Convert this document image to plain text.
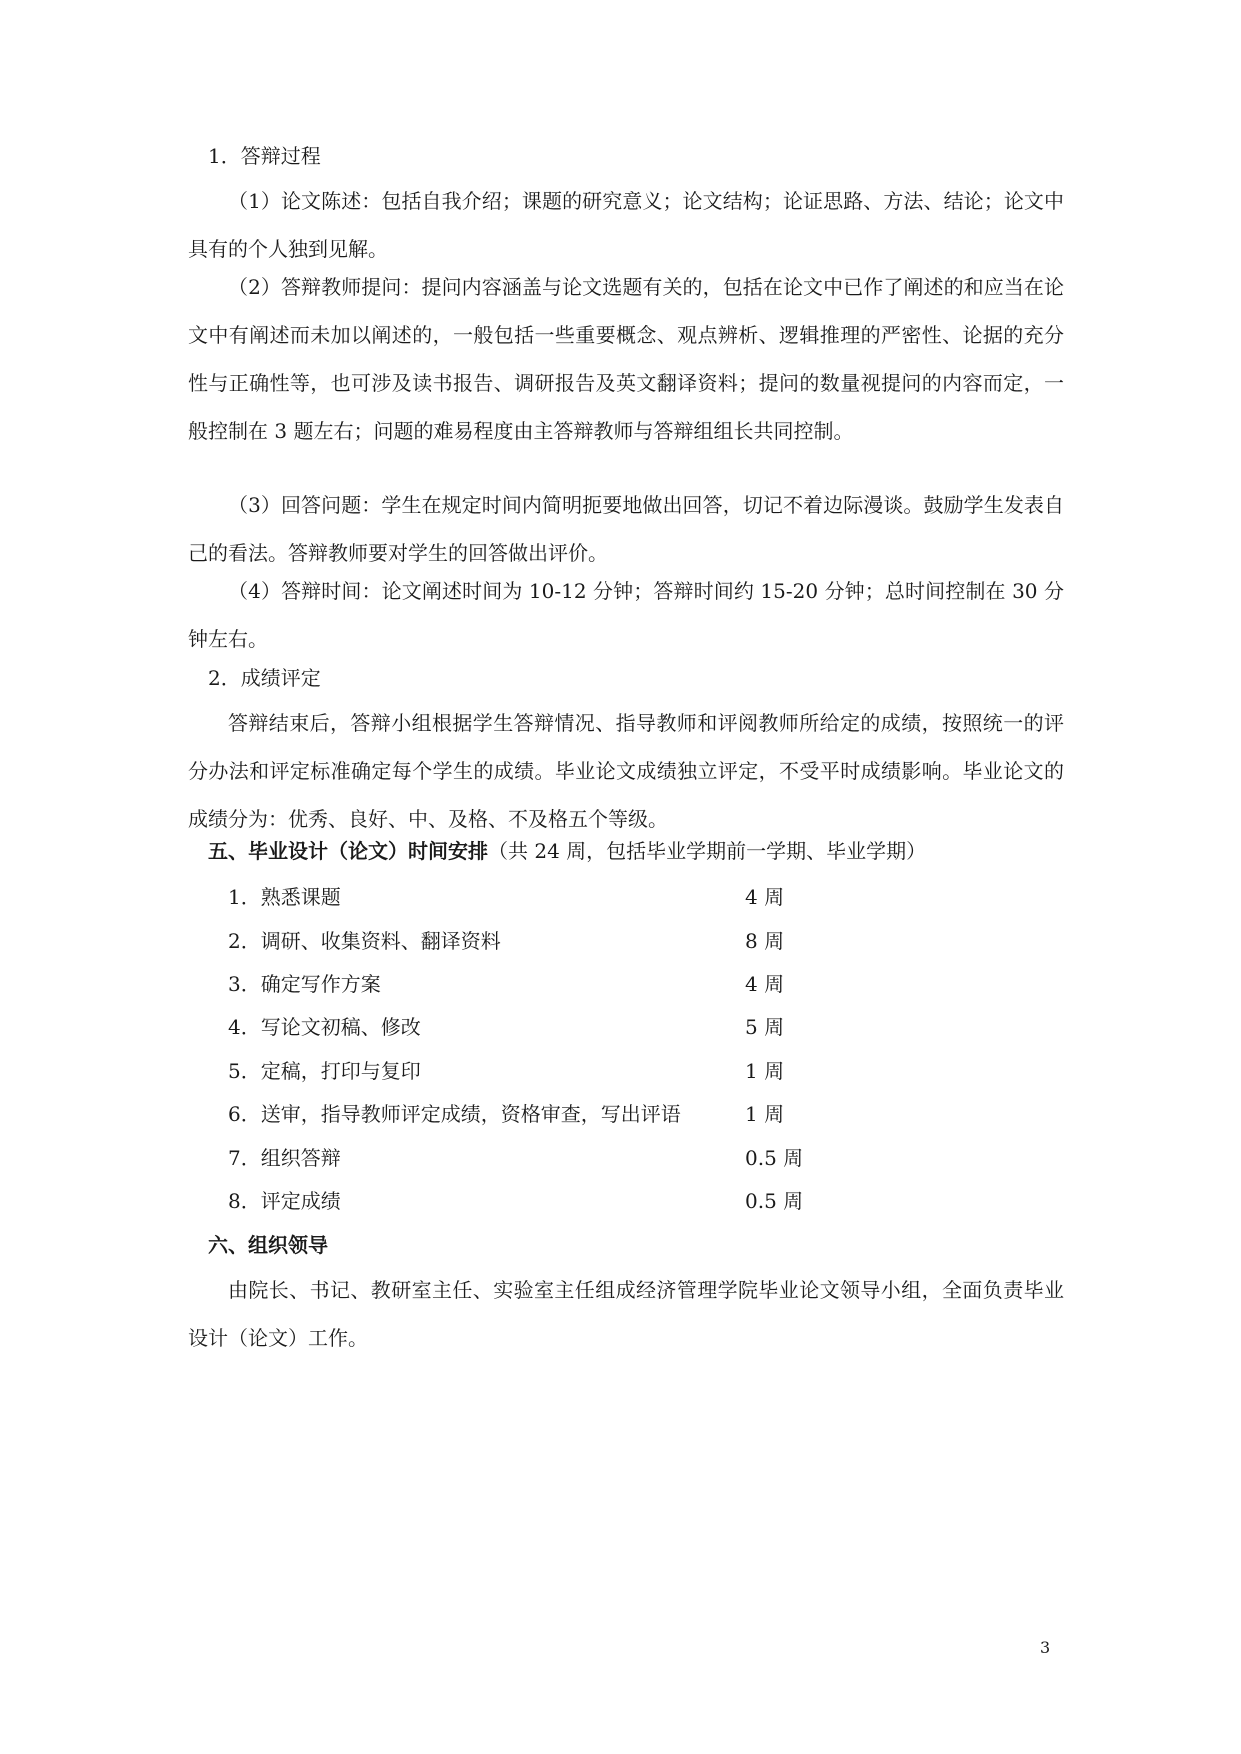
1．答辩过程
（1）论文陈述：包括自我介绍；课题的研究意义；论文结构；论证思路、方法、结论；论文中具有的个人独到见解。
（2）答辩教师提问：提问内容涵盖与论文选题有关的，包括在论文中已作了阐述的和应当在论文中有阐述而未加以阐述的，一般包括一些重要概念、观点辨析、逻辑推理的严密性、论据的充分性与正确性等，也可涉及读书报告、调研报告及英文翻译资料；提问的数量视提问的内容而定，一般控制在 3 题左右；问题的难易程度由主答辩教师与答辩组组长共同控制。
（3）回答问题：学生在规定时间内简明扼要地做出回答，切记不着边际漫谈。鼓励学生发表自己的看法。答辩教师要对学生的回答做出评价。
（4）答辩时间：论文阐述时间为 10-12 分钟；答辩时间约 15-20 分钟；总时间控制在 30 分钟左右。
2．成绩评定
答辩结束后，答辩小组根据学生答辩情况、指导教师和评阅教师所给定的成绩，按照统一的评分办法和评定标准确定每个学生的成绩。毕业论文成绩独立评定，不受平时成绩影响。毕业论文的成绩分为：优秀、良好、中、及格、不及格五个等级。
五、毕业设计（论文）时间安排（共 24 周，包括毕业学期前一学期、毕业学期）
1．熟悉课题	4 周
2．调研、收集资料、翻译资料	8 周
3．确定写作方案	4 周
4．写论文初稿、修改	5 周
5．定稿，打印与复印	1 周
6．送审，指导教师评定成绩，资格审查，写出评语	1 周
7．组织答辩	0.5 周
8．评定成绩	0.5 周
六、组织领导
由院长、书记、教研室主任、实验室主任组成经济管理学院毕业论文领导小组，全面负责毕业设计（论文）工作。
3
